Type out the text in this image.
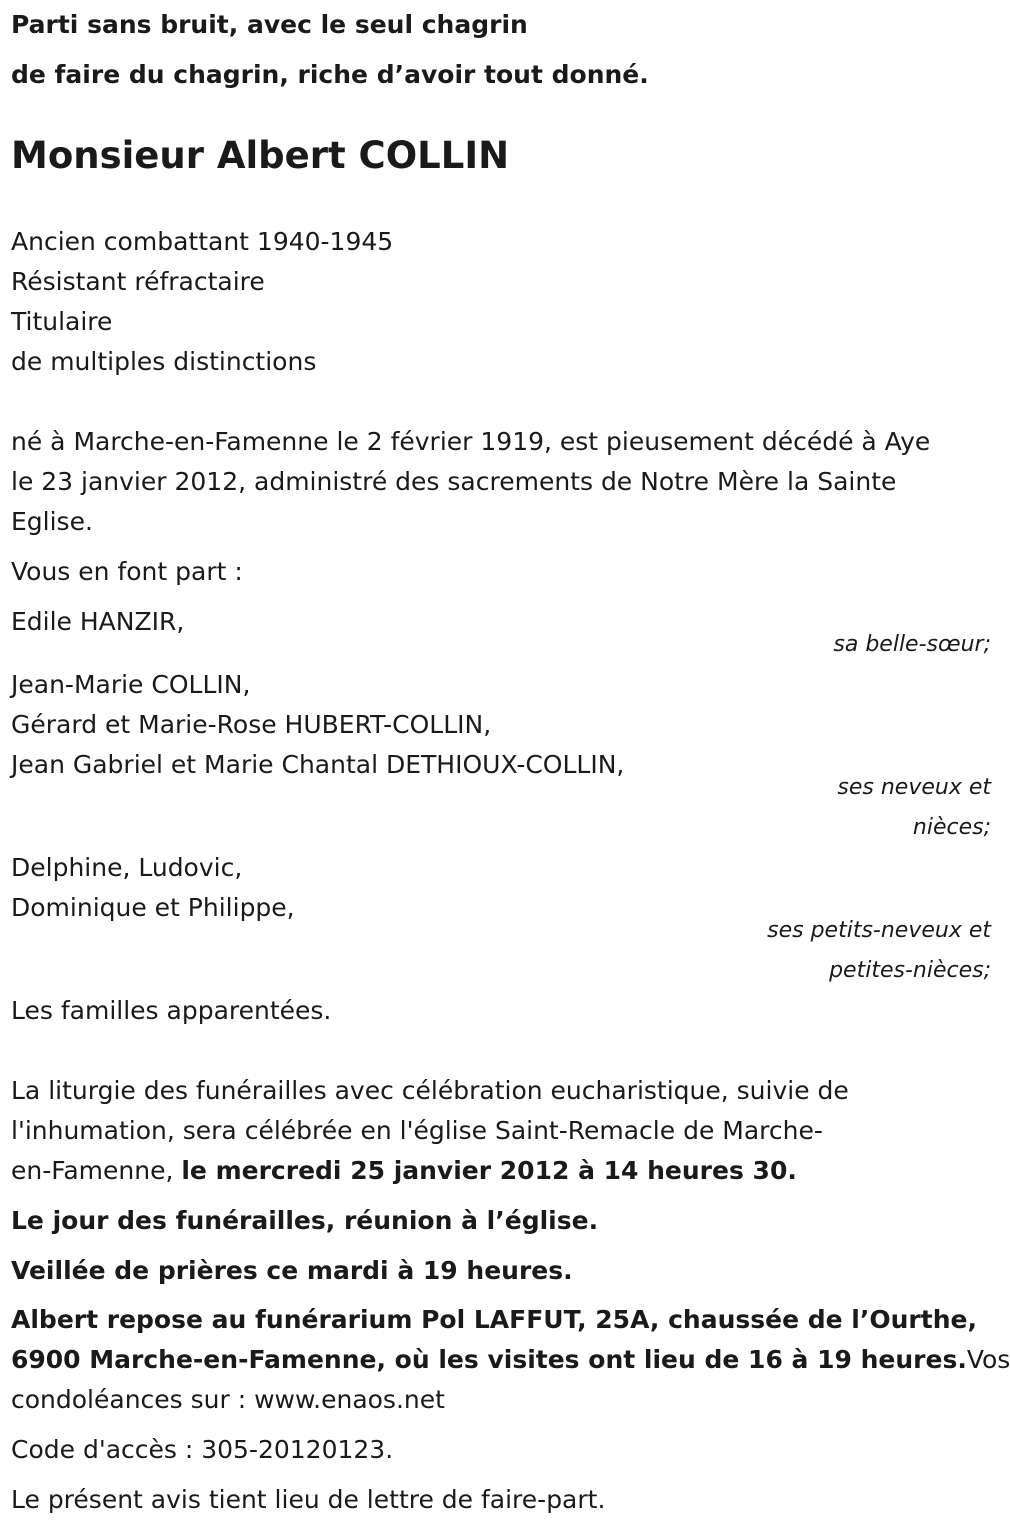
Parti sans bruit, avec le seul chagrin
de faire du chagrin, riche d’avoir tout donné.
Monsieur Albert COLLIN
Ancien combattant 1940-1945
Résistant réfractaire
Titulaire
de multiples distinctions
né à Marche-en-Famenne le 2 février 1919, est pieusement décédé à Aye
le 23 janvier 2012, administré des sacrements de Notre Mère la Sainte
Eglise.
Vous en font part :
Edile HANZIR,
sa belle-sœur;
Jean-Marie COLLIN,
Gérard et Marie-Rose HUBERT-COLLIN,
Jean Gabriel et Marie Chantal DETHIOUX-COLLIN,
ses neveux et
nièces;
Delphine, Ludovic,
Dominique et Philippe,
ses petits-neveux et
petites-nièces;
Les familles apparentées.
La liturgie des funérailles avec célébration eucharistique, suivie de
l'inhumation, sera célébrée en l'église Saint-Remacle de Marche-
en-Famenne, le mercredi 25 janvier 2012 à 14 heures 30.
Le jour des funérailles, réunion à l’église.
Veillée de prières ce mardi à 19 heures.
Albert repose au funérarium Pol LAFFUT, 25A, chaussée de l’Ourthe,
6900 Marche-en-Famenne, où les visites ont lieu de 16 à 19 heures.Vos
condoléances sur : www.enaos.net
Code d'accès : 305-20120123.
Le présent avis tient lieu de lettre de faire-part.
